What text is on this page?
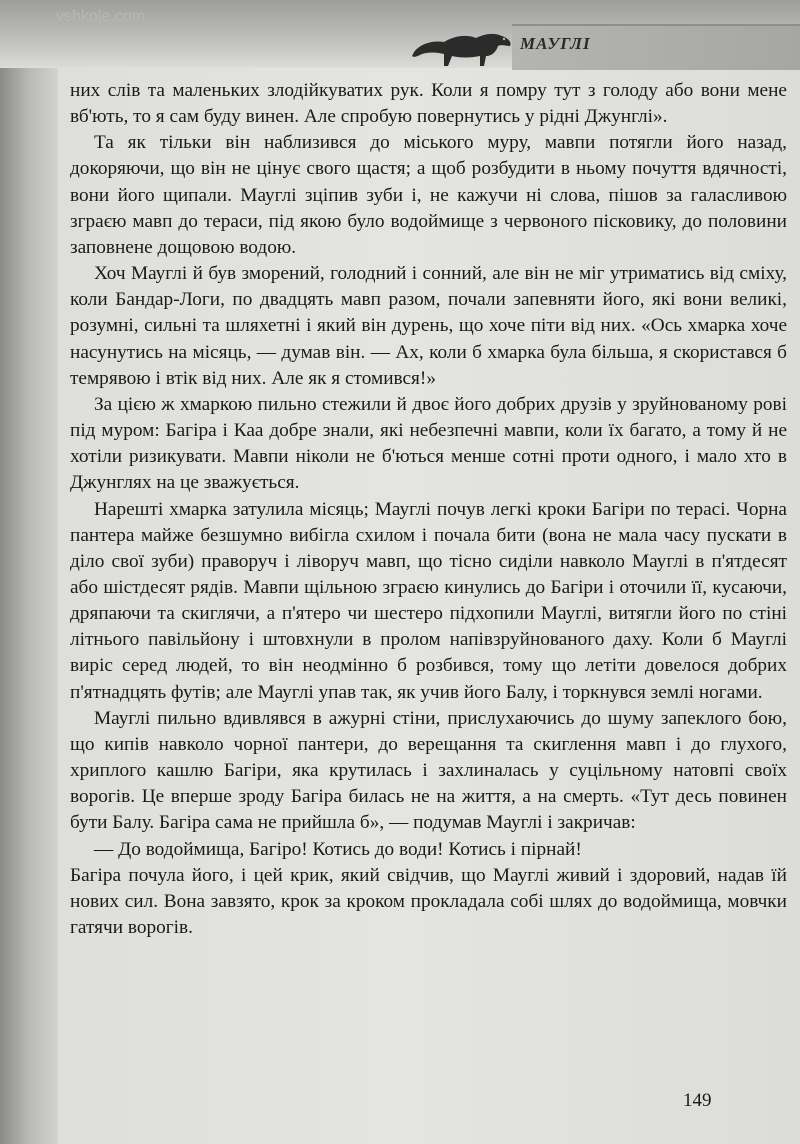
vshkole.com
МАУГЛІ

них слів та маленьких злодійкуватих рук. Коли я помру тут з голоду або вони мене вб'ють, то я сам буду винен. Але спробую повернутись у рідні Джунглі».

Та як тільки він наблизився до міського муру, мавпи потягли його назад, докоряючи, що він не цінує свого щастя; а щоб розбудити в ньому почуття вдячності, вони його щипали. Мауглі зціпив зуби і, не кажучи ні слова, пішов за галасливою зграєю мавп до тераси, під якою було водоймище з червоного пісковику, до половини заповнене дощовою водою.

Хоч Мауглі й був зморений, голодний і сонний, але він не міг утриматись від сміху, коли Бандар-Логи, по двадцять мавп разом, почали запевняти його, які вони великі, розумні, сильні та шляхетні і який він дурень, що хоче піти від них. «Ось хмарка хоче насунутись на місяць, — думав він. — Ах, коли б хмарка була більша, я скористався б темрявою і втік від них. Але як я стомився!»

За цією ж хмаркою пильно стежили й двоє його добрих друзів у зруйнованому рові під муром: Багіра і Каа добре знали, які небезпечні мавпи, коли їх багато, а тому й не хотіли ризикувати. Мавпи ніколи не б'ються менше сотні проти одного, і мало хто в Джунглях на це зважується.

Нарешті хмарка затулила місяць; Мауглі почув легкі кроки Багіри по терасі. Чорна пантера майже безшумно вибігла схилом і почала бити (вона не мала часу пускати в діло свої зуби) праворуч і ліворуч мавп, що тісно сиділи навколо Мауглі в п'ятдесят або шістдесят рядів. Мавпи щільною зграєю кинулись до Багіри і оточили її, кусаючи, дряпаючи та скиглячи, а п'ятеро чи шестеро підхопили Мауглі, витягли його по стіні літнього павільйону і штовхнули в пролом напівзруйнованого даху. Коли б Мауглі виріс серед людей, то він неодмінно б розбився, тому що летіти довелося добрих п'ятнадцять футів; але Мауглі упав так, як учив його Балу, і торкнувся землі ногами.

Мауглі пильно вдивлявся в ажурні стіни, прислухаючись до шуму запеклого бою, що кипів навколо чорної пантери, до верещання та скиглення мавп і до глухого, хриплого кашлю Багіри, яка крутилась і захлиналась у суцільному натовпі своїх ворогів. Це вперше зроду Багіра билась не на життя, а на смерть. «Тут десь повинен бути Балу. Багіра сама не прийшла б», — подумав Мауглі і закричав:

— До водоймища, Багіро! Котись до води! Котись і пірнай!

Багіра почула його, і цей крик, який свідчив, що Мауглі живий і здоровий, надав їй нових сил. Вона завзято, крок за кроком прокладала собі шлях до водоймища, мовчки гатячи ворогів.

149
